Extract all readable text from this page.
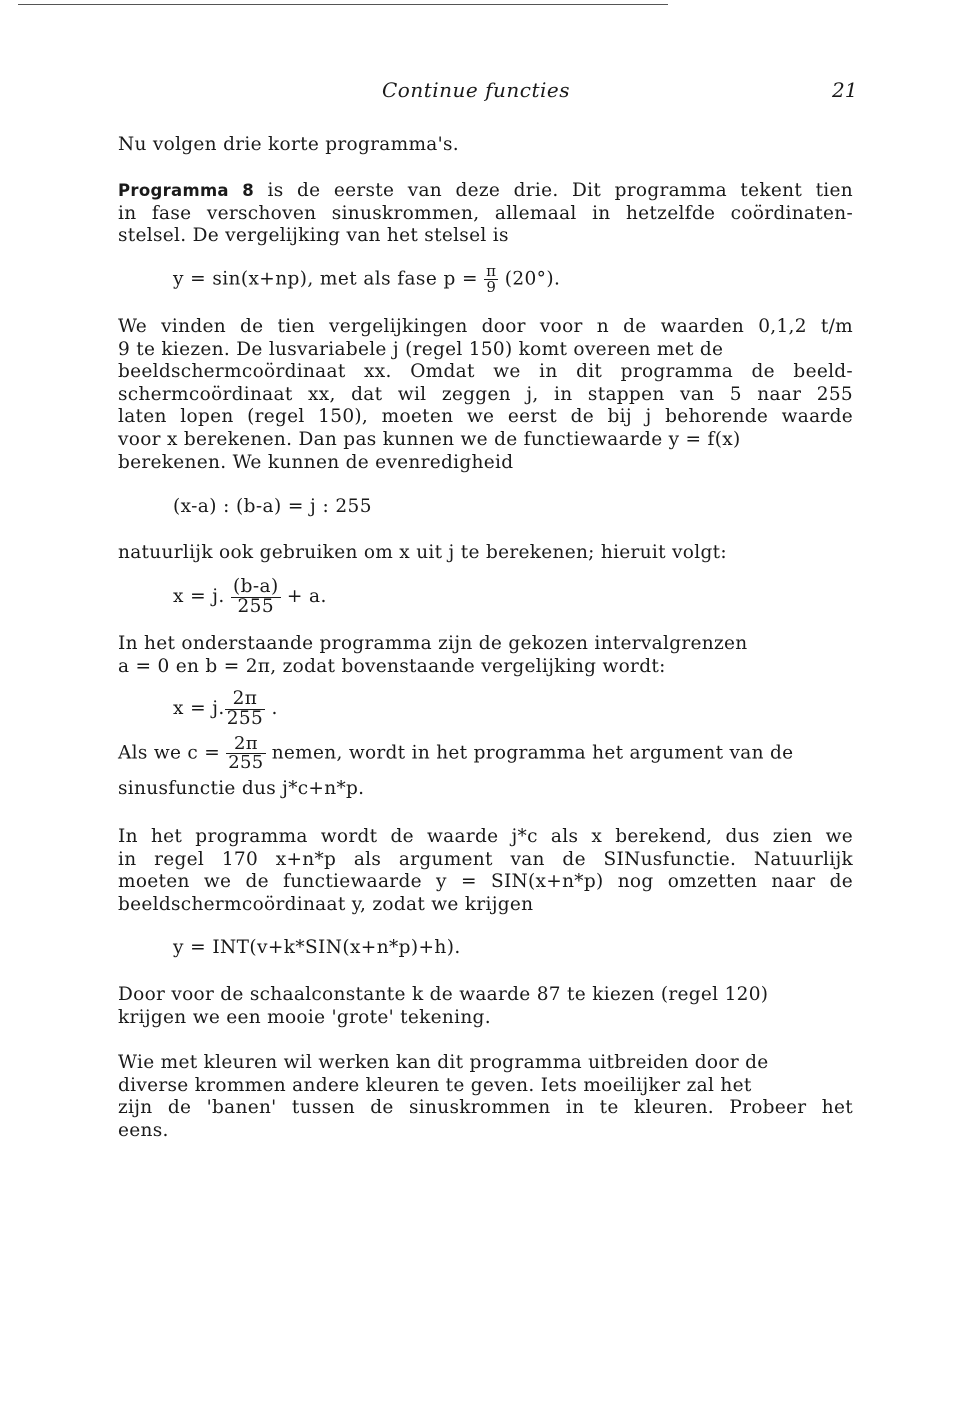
Continue functies	21
Nu volgen drie korte programma's.
Programma 8 is de eerste van deze drie. Dit programma tekent tien
in fase verschoven sinuskrommen, allemaal in hetzelfde coördinaten-
stelsel. De vergelijking van het stelsel is
y = sin(x+np), met als fase $p = \frac{\pi}{9} (20^\circ)$.
We vinden de tien vergelijkingen door voor n de waarden 0,1,2 t/m
9 te kiezen. De lusvariabele j (regel 150) komt overeen met de
beeldschermcoördinaat xx. Omdat we in dit programma de beeld-
schermcoördinaat xx, dat wil zeggen j, in stappen van 5 naar 255
laten lopen (regel 150), moeten we eerst de bij j behorende waarde
voor x berekenen. Dan pas kunnen we de functiewaarde y = f(x)
berekenen. We kunnen de evenredigheid
(x-a) : (b-a) = j : 255
natuurlijk ook gebruiken om x uit j te berekenen; hieruit volgt:
x = j. $\frac{(b-a)}{255} + a$.
In het onderstaande programma zijn de gekozen intervalgrenzen
a = 0 en b = 2π, zodat bovenstaande vergelijking wordt:
x = j. $\frac{2\pi}{255}$ .
Als we $c = \frac{2\pi}{255}$ nemen, wordt in het programma het argument van de
sinusfunctie dus j*c+n*p.
In het programma wordt de waarde j*c als x berekend, dus zien we
in regel 170 x+n*p als argument van de SINusfunctie. Natuurlijk
moeten we de functiewaarde y = SIN(x+n*p) nog omzetten naar de
beeldschermcoördinaat y, zodat we krijgen
y = INT(v+k*SIN(x+n*p)+h).
Door voor de schaalconstante k de waarde 87 te kiezen (regel 120)
krijgen we een mooie 'grote' tekening.
Wie met kleuren wil werken kan dit programma uitbreiden door de
diverse krommen andere kleuren te geven. Iets moeilijker zal het
zijn de 'banen' tussen de sinuskrommen in te kleuren. Probeer het
eens.
